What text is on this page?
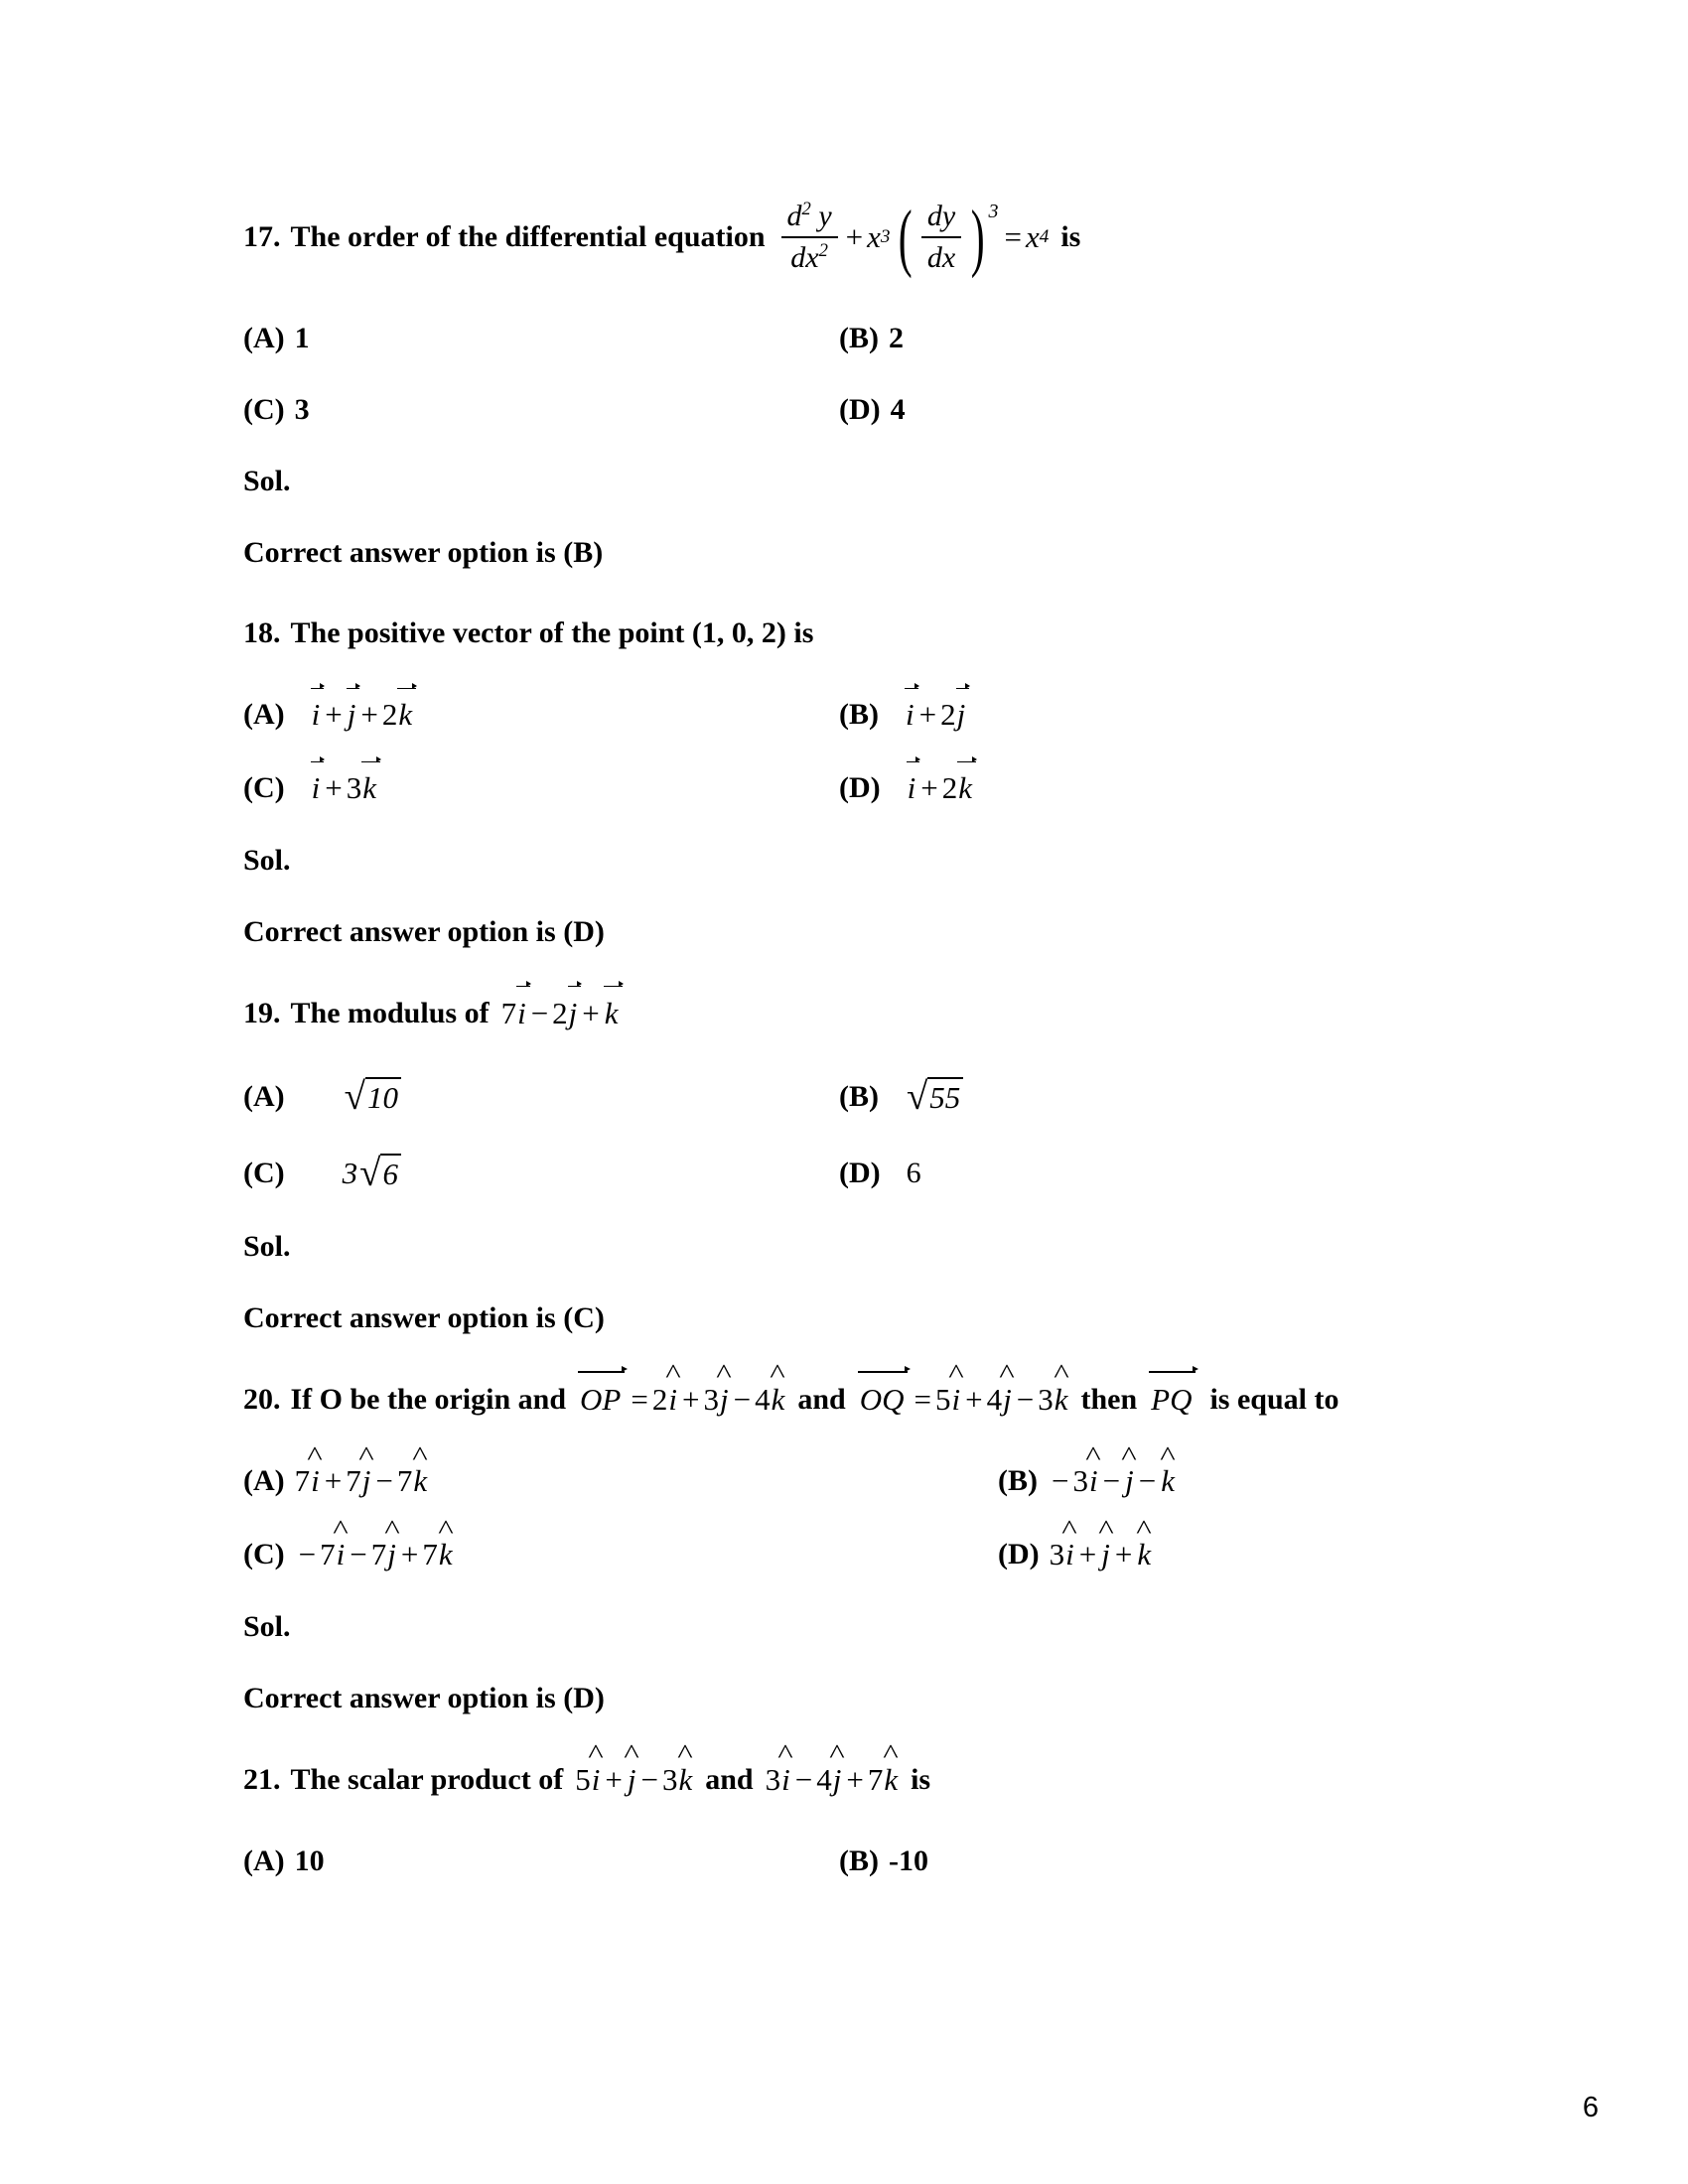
17. The order of the differential equation $\frac{d^2 y}{dx^2} + x$ 3 ( $\frac{dy}{dx}$ ) 3
= x 4 is
(A) 1	(B) 2
(C) 3	(D) 4
Sol.
Correct answer option is (B)
18. The positive vector of the point (1, 0, 2) is
(A) i + j + 2 k	(B) i + 2 j
(C) i + 3 k	(D) i + 2 k
Sol.
Correct answer option is (D)
19. The modulus of 7 i − 2 j + k
(A) √ 10	(B) √ 55
(C) 3 √ 6	(D) 6
Sol.
Correct answer option is (C)
20. If O be the origin and OP = 2 i ^ + 3 j ^ − 4 k ^ and OQ = 5 i ^ + 4 j ^ − 3 k ^ then PQ is equal to
(A) 7 i ^ + 7 j ^ − 7 k ^	(B) − 3 i ^ − j ^ − k ^
(C) − 7 i ^ − 7 j ^ + 7 k ^	(D) 3 i ^ + j ^ + k ^
Sol.
Correct answer option is (D)
21. The scalar product of 5 i ^ + j ^ − 3 k ^ and 3 i ^ − 4 j ^ + 7 k ^ is
(A) 10	(B) -10
6
